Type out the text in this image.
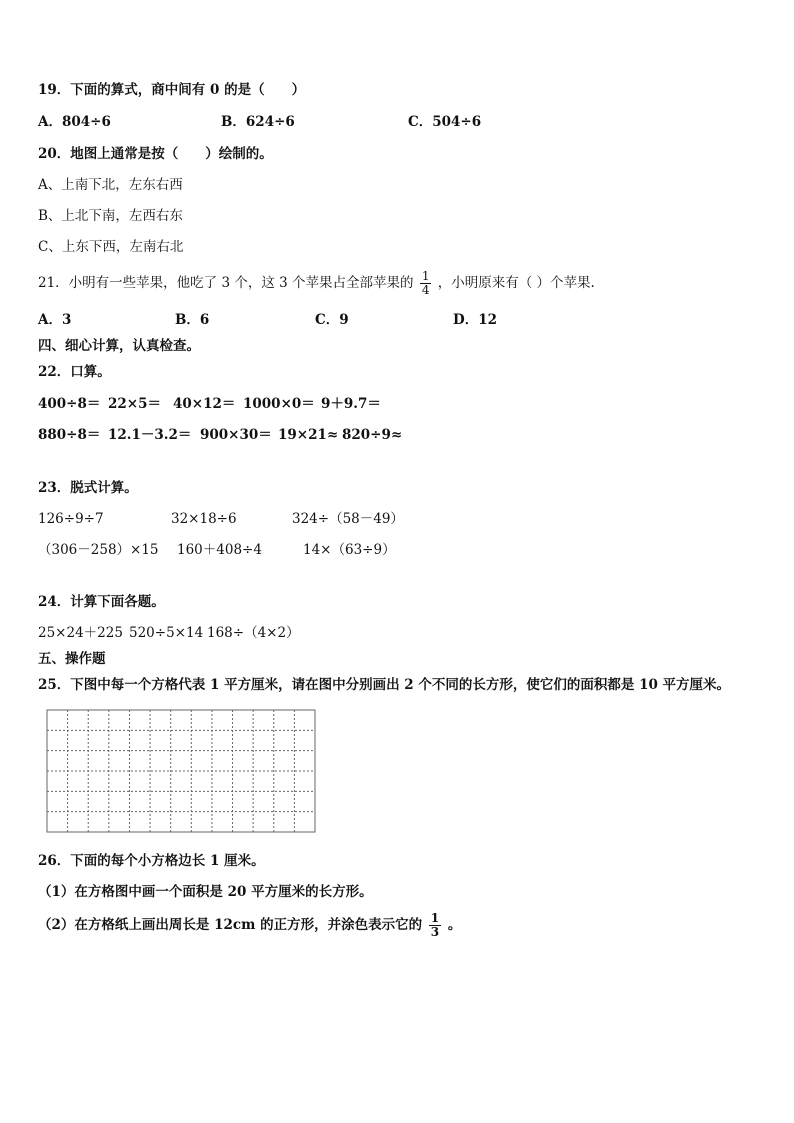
19．下面的算式，商中间有 0 的是（　　）
A．804÷6	B．624÷6	C．504÷6
20．地图上通常是按（　　）绘制的。
A、上南下北，左东右西
B、上北下南，左西右东
C、上东下西，左南右北
21．小明有一些苹果，他吃了 3 个，这 3 个苹果占全部苹果的 $\frac{1}{4}$ ，小明原来有（ ）个苹果.
A．3	B．6	C．9	D．12
四、细心计算，认真检查。
22．口算。
400÷8＝ 22×5＝ 40×12＝ 1000×0＝ 9＋9.7＝
880÷8＝ 12.1－3.2＝ 900×30＝ 19×21≈ 820÷9≈
23．脱式计算。
126÷9÷7	32×18÷6	324÷（58－49）
（306－258）×15 160＋408÷4	14×（63÷9）
24．计算下面各题。
25×24＋225 520÷5×14 168÷（4×2）
五、操作题
25．下图中每一个方格代表 1 平方厘米，请在图中分别画出 2 个不同的长方形，使它们的面积都是 10 平方厘米。
26．下面的每个小方格边长 1 厘米。
（1）在方格图中画一个面积是 20 平方厘米的长方形。
（2）在方格纸上画出周长是 12cm 的正方形，并涂色表示它的 $\frac{1}{3}$ 。
